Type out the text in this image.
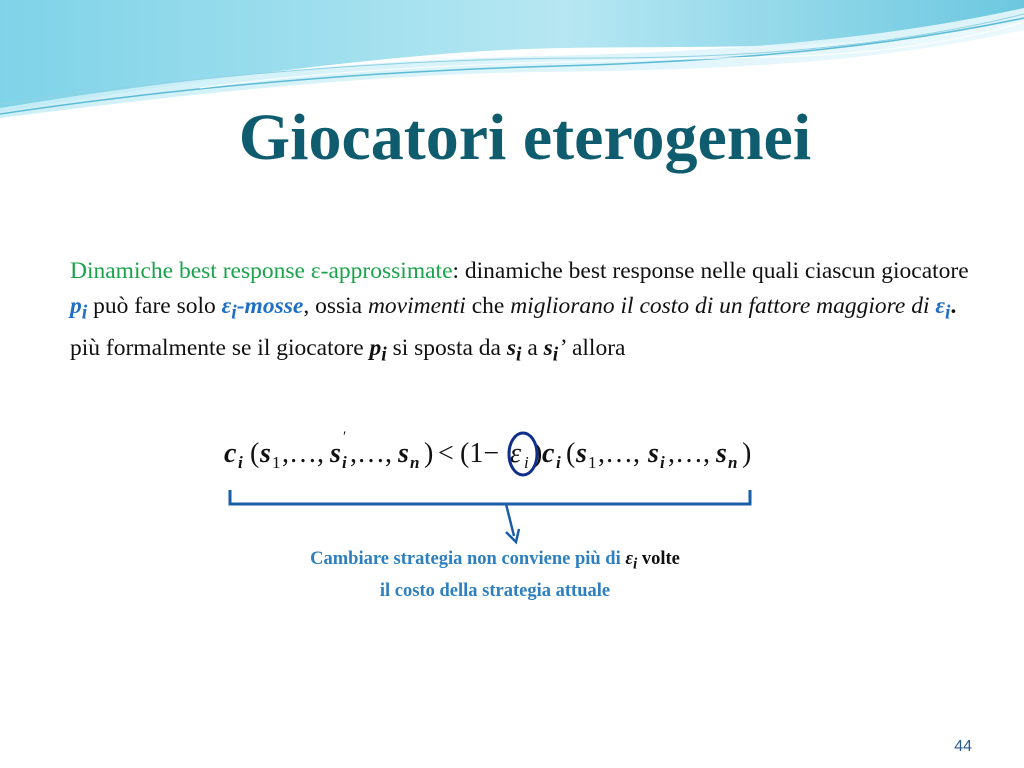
Giocatori eterogenei
Dinamiche best response ε-approssimate: dinamiche best response nelle quali ciascun giocatore $p_i$ può fare solo $\varepsilon_i$-mosse, ossia movimenti che migliorano il costo di un fattore maggiore di $\varepsilon_i$. più formalmente se il giocatore $p_i$ si sposta da $s_i$ a $s_i$’ allora
c i ( s 1 ,…, s
′
i ,…, s n ) < (1− ε i ) c i ( s 1 ,…, s i ,…, s n )
Cambiare strategia non conviene più di $\varepsilon_i$ volte
il costo della strategia attuale
44
